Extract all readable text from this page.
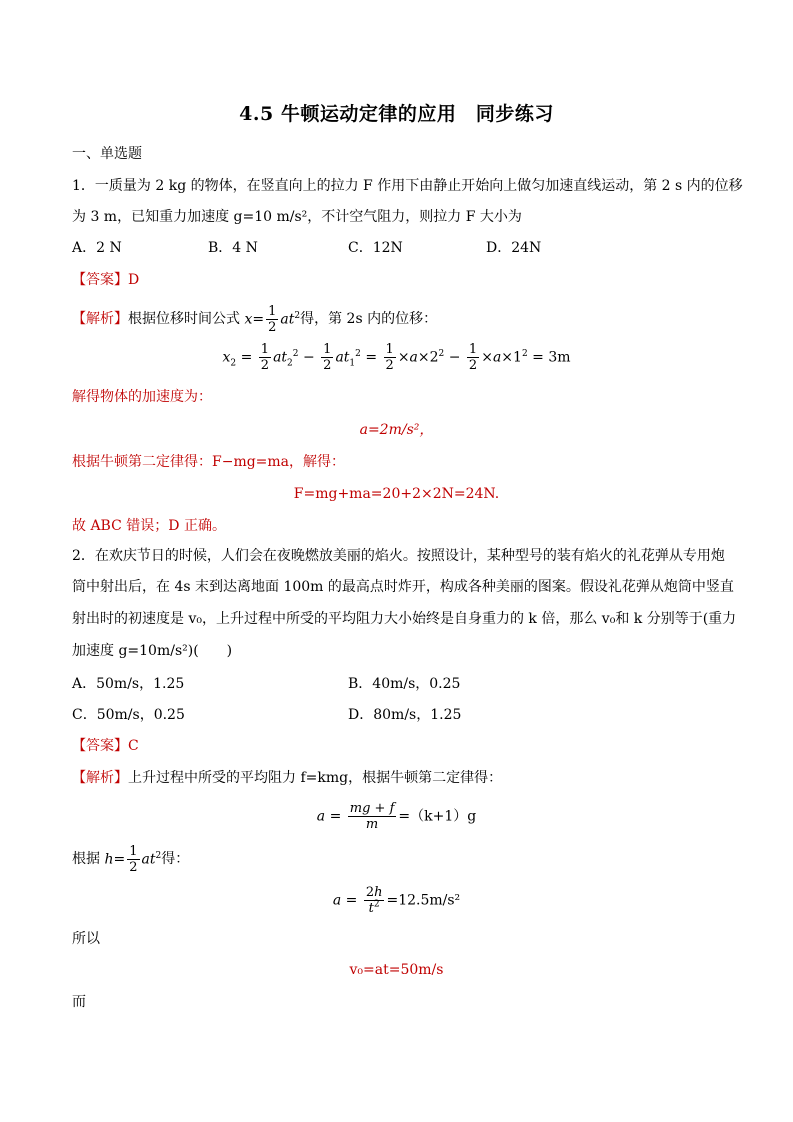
4.5 牛顿运动定律的应用　同步练习
一、单选题
1．一质量为 2 kg 的物体，在竖直向上的拉力 F 作用下由静止开始向上做匀加速直线运动，第 2 s 内的位移
为 3 m，已知重力加速度 g=10 m/s²，不计空气阻力，则拉力 F 大小为
A．2 N	B．4 N	C．12N	D．24N
【答案】D
【解析】 根据位移时间公式 $x= \frac{1}{2} at^2$ 得，第 2s 内的位移：
$x_2 = \frac{1}{2} at_2^2 - \frac{1}{2} at_1^2 = \frac{1}{2} \times a\times 2^2 - \frac{1}{2} \times a\times 1^2 = 3m$
解得物体的加速度为：
a=2m/s²，
根据牛顿第二定律得：F−mg=ma，解得：
F=mg+ma=20+2×2N=24N.
故 ABC 错误；D 正确。
2．在欢庆节日的时候，人们会在夜晚燃放美丽的焰火。按照设计，某种型号的装有焰火的礼花弹从专用炮
筒中射出后，在 4s 末到达离地面 100m 的最高点时炸开，构成各种美丽的图案。假设礼花弹从炮筒中竖直
射出时的初速度是 v₀，上升过程中所受的平均阻力大小始终是自身重力的 k 倍，那么 v₀和 k 分别等于(重力
加速度 g=10m/s²)(　　)
A．50m/s，1.25	B．40m/s，0.25
C．50m/s，0.25	D．80m/s，1.25
【答案】C
【解析】上升过程中所受的平均阻力 f=kmg，根据牛顿第二定律得：
$a = \frac{mg + f}{m} =(k+1)g$
根据 $h= \frac{1}{2} at^2$ 得：
$a = \frac{2h}{t^2} =12.5m/s^2$
所以
v₀=at=50m/s
而
